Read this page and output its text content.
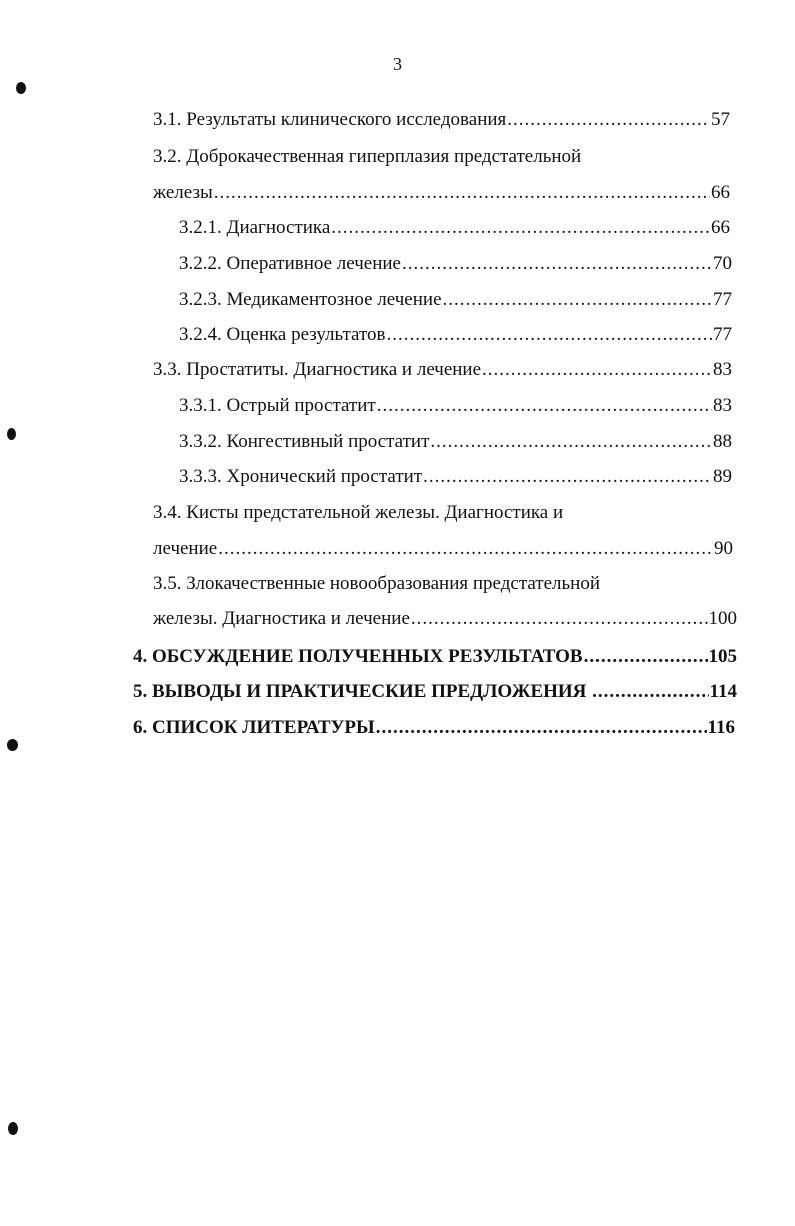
3
3.1. Результаты клинического исследования .....	57
3.2. Доброкачественная гиперплазия предстательной
железы .....	66
3.2.1. Диагностика .....	66
3.2.2. Оперативное лечение .....	70
3.2.3. Медикаментозное лечение .....	77
3.2.4. Оценка результатов .....	77
3.3. Простатиты. Диагностика и лечение .....	83
3.3.1. Острый простатит .....	83
3.3.2. Конгестивный простатит .....	88
3.3.3. Хронический простатит .....	89
3.4. Кисты предстательной железы. Диагностика и
лечение .....	90
3.5. Злокачественные новообразования предстательной
железы. Диагностика и лечение .....	100
4. ОБСУЖДЕНИЕ ПОЛУЧЕННЫХ РЕЗУЛЬТАТОВ .....	105
5. ВЫВОДЫ И ПРАКТИЧЕСКИЕ ПРЕДЛОЖЕНИЯ .....	114
6. СПИСОК ЛИТЕРАТУРЫ .....	116
